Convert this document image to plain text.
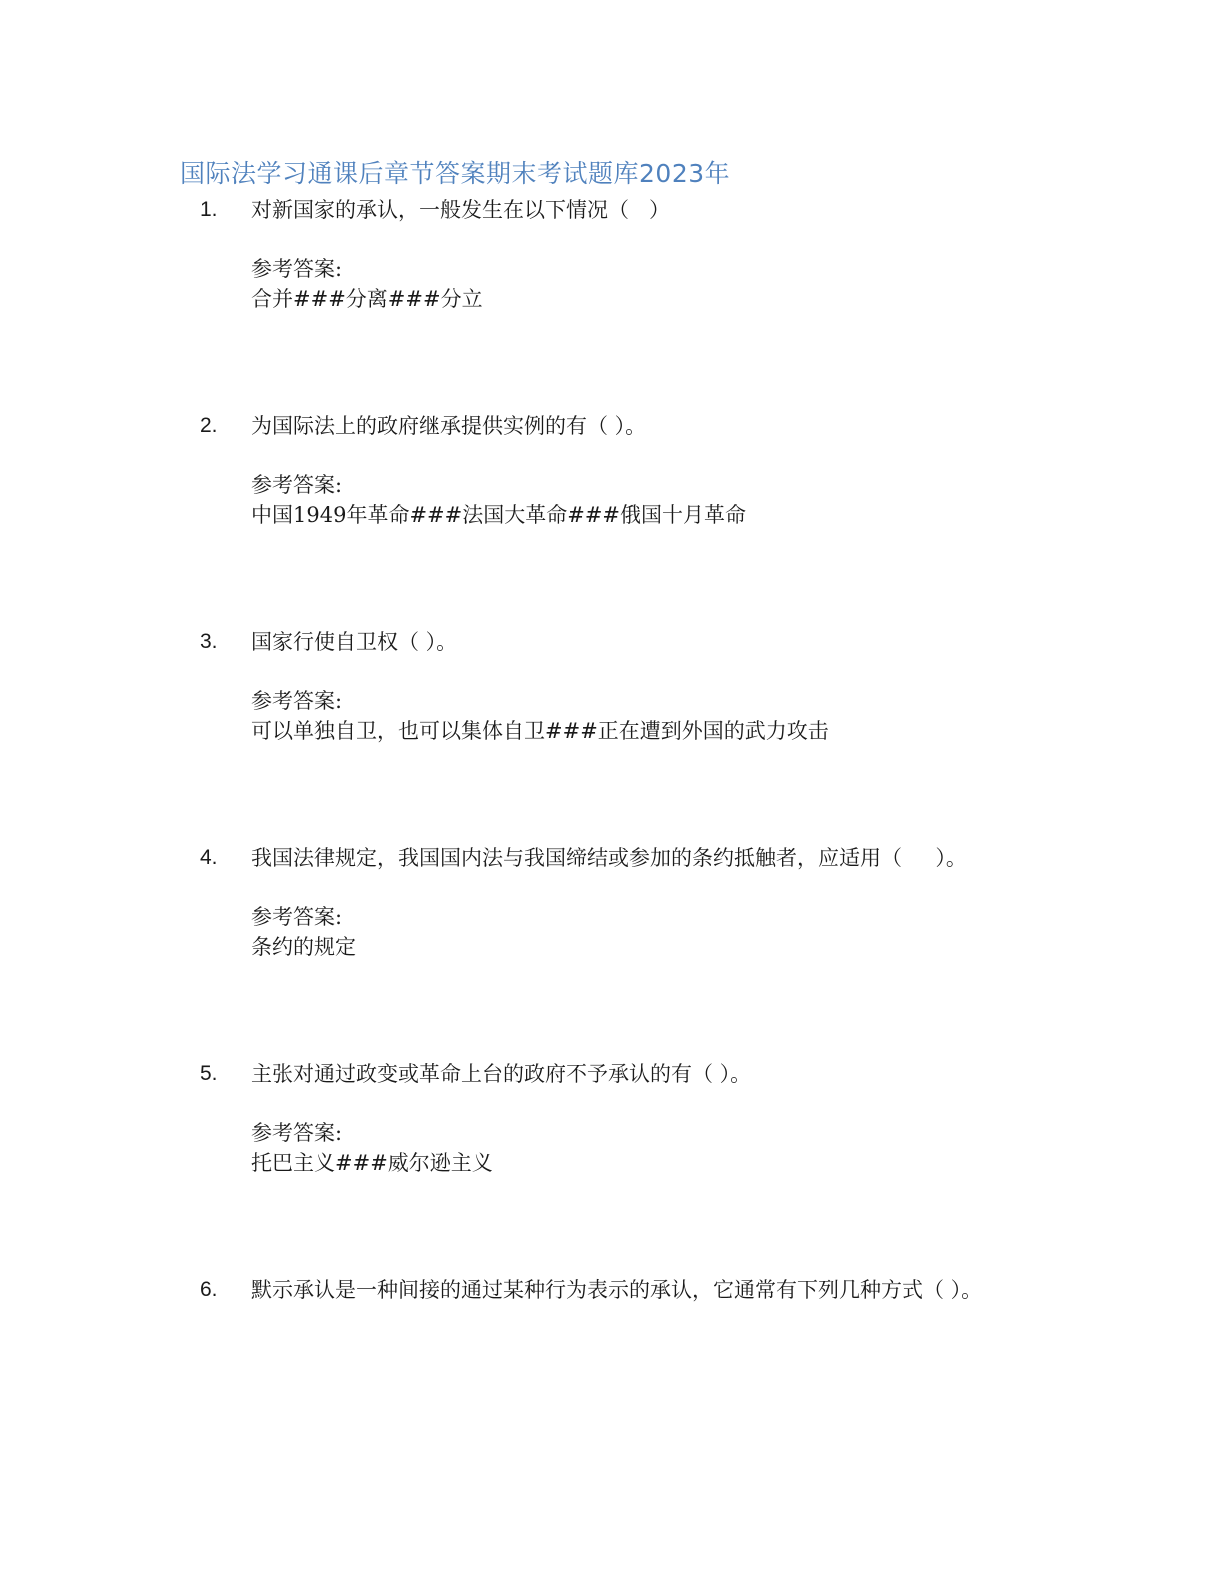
国际法学习通课后章节答案期末考试题库2023年
1. 对新国家的承认，一般发生在以下情况（   ）
参考答案:
合并###分离###分立
2. 为国际法上的政府继承提供实例的有（ ）。
参考答案:
中国1949年革命###法国大革命###俄国十月革命
3. 国家行使自卫权（ ）。
参考答案:
可以单独自卫，也可以集体自卫###正在遭到外国的武力攻击
4. 我国法律规定，我国国内法与我国缔结或参加的条约抵触者，应适用（     ）。
参考答案:
条约的规定
5. 主张对通过政变或革命上台的政府不予承认的有（ ）。
参考答案:
托巴主义###威尔逊主义
6. 默示承认是一种间接的通过某种行为表示的承认，它通常有下列几种方式（ ）。
